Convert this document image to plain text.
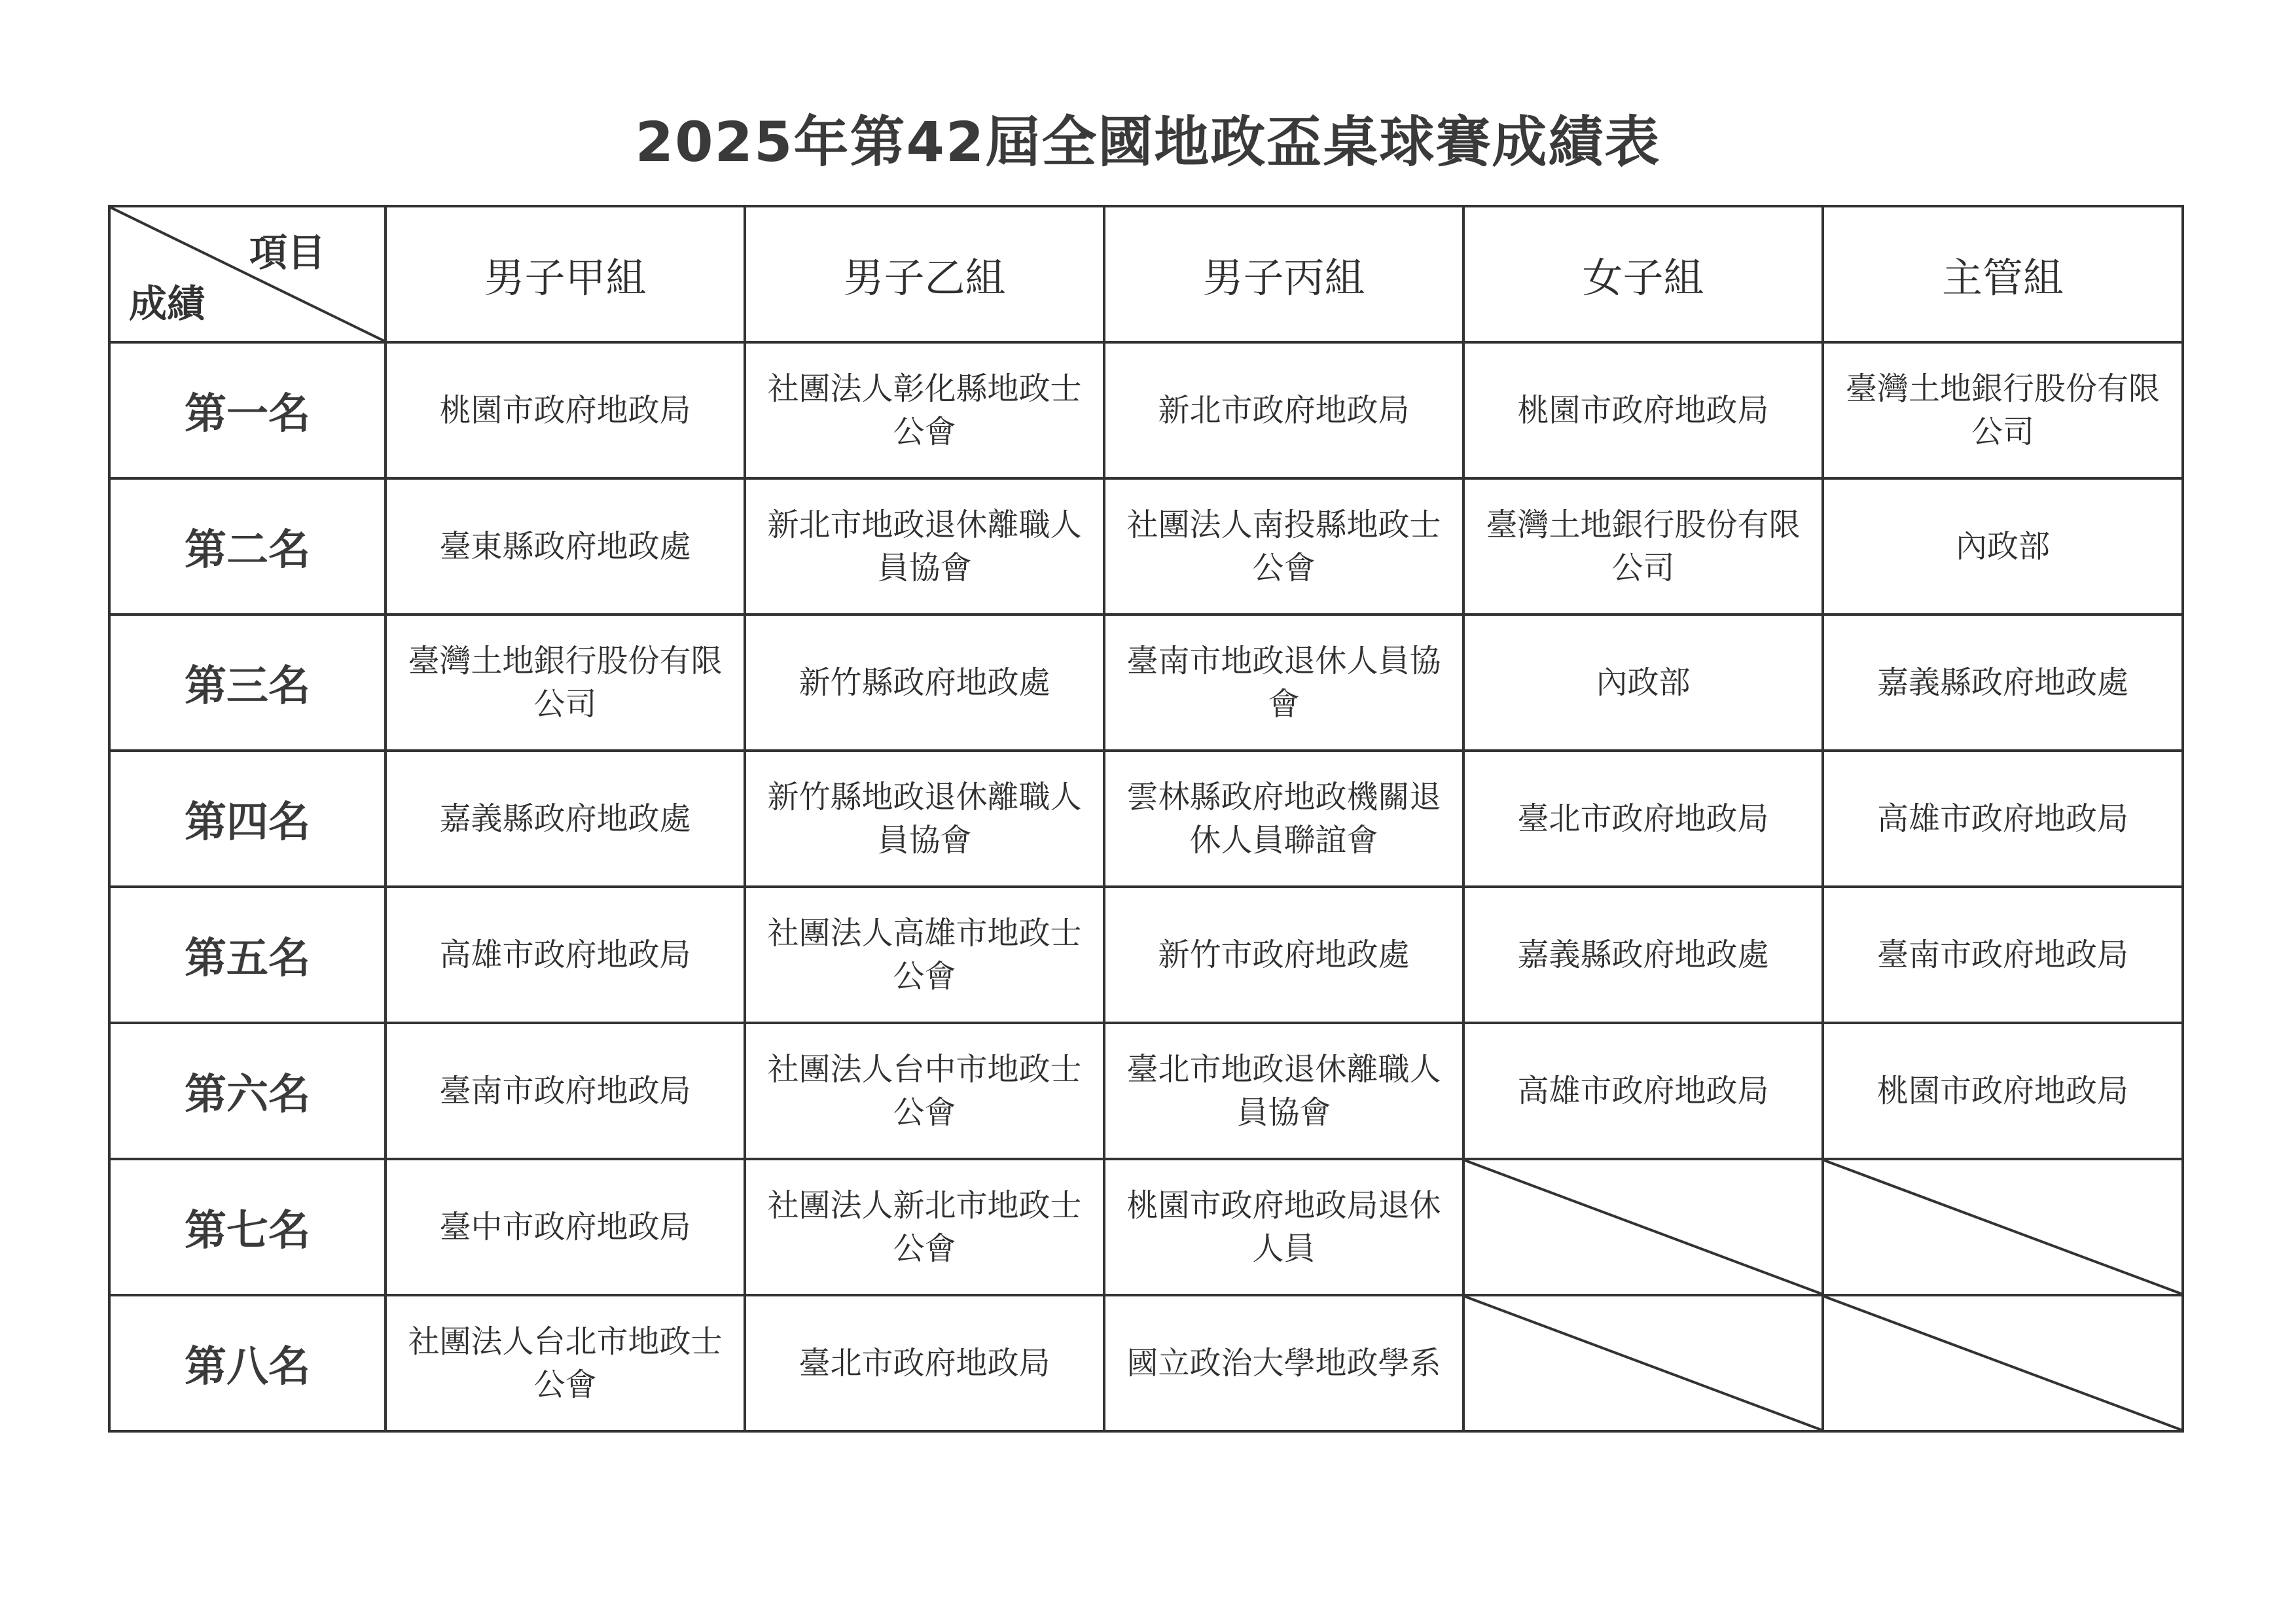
2025年第42屆全國地政盃桌球賽成績表
項目
成績	男子甲組	男子乙組	男子丙組	女子組	主管組
第一名	桃園市政府地政局	社團法人彰化縣地政士公會	新北市政府地政局	桃園市政府地政局	臺灣土地銀行股份有限公司
第二名	臺東縣政府地政處	新北市地政退休離職人員協會	社團法人南投縣地政士公會	臺灣土地銀行股份有限公司	內政部
第三名	臺灣土地銀行股份有限公司	新竹縣政府地政處	臺南市地政退休人員協會	內政部	嘉義縣政府地政處
第四名	嘉義縣政府地政處	新竹縣地政退休離職人員協會	雲林縣政府地政機關退休人員聯誼會	臺北市政府地政局	高雄市政府地政局
第五名	高雄市政府地政局	社團法人高雄市地政士公會	新竹市政府地政處	嘉義縣政府地政處	臺南市政府地政局
第六名	臺南市政府地政局	社團法人台中市地政士公會	臺北市地政退休離職人員協會	高雄市政府地政局	桃園市政府地政局
第七名	臺中市政府地政局	社團法人新北市地政士公會	桃園市政府地政局退休人員	

第八名	社團法人台北市地政士公會	臺北市政府地政局	國立政治大學地政學系	
